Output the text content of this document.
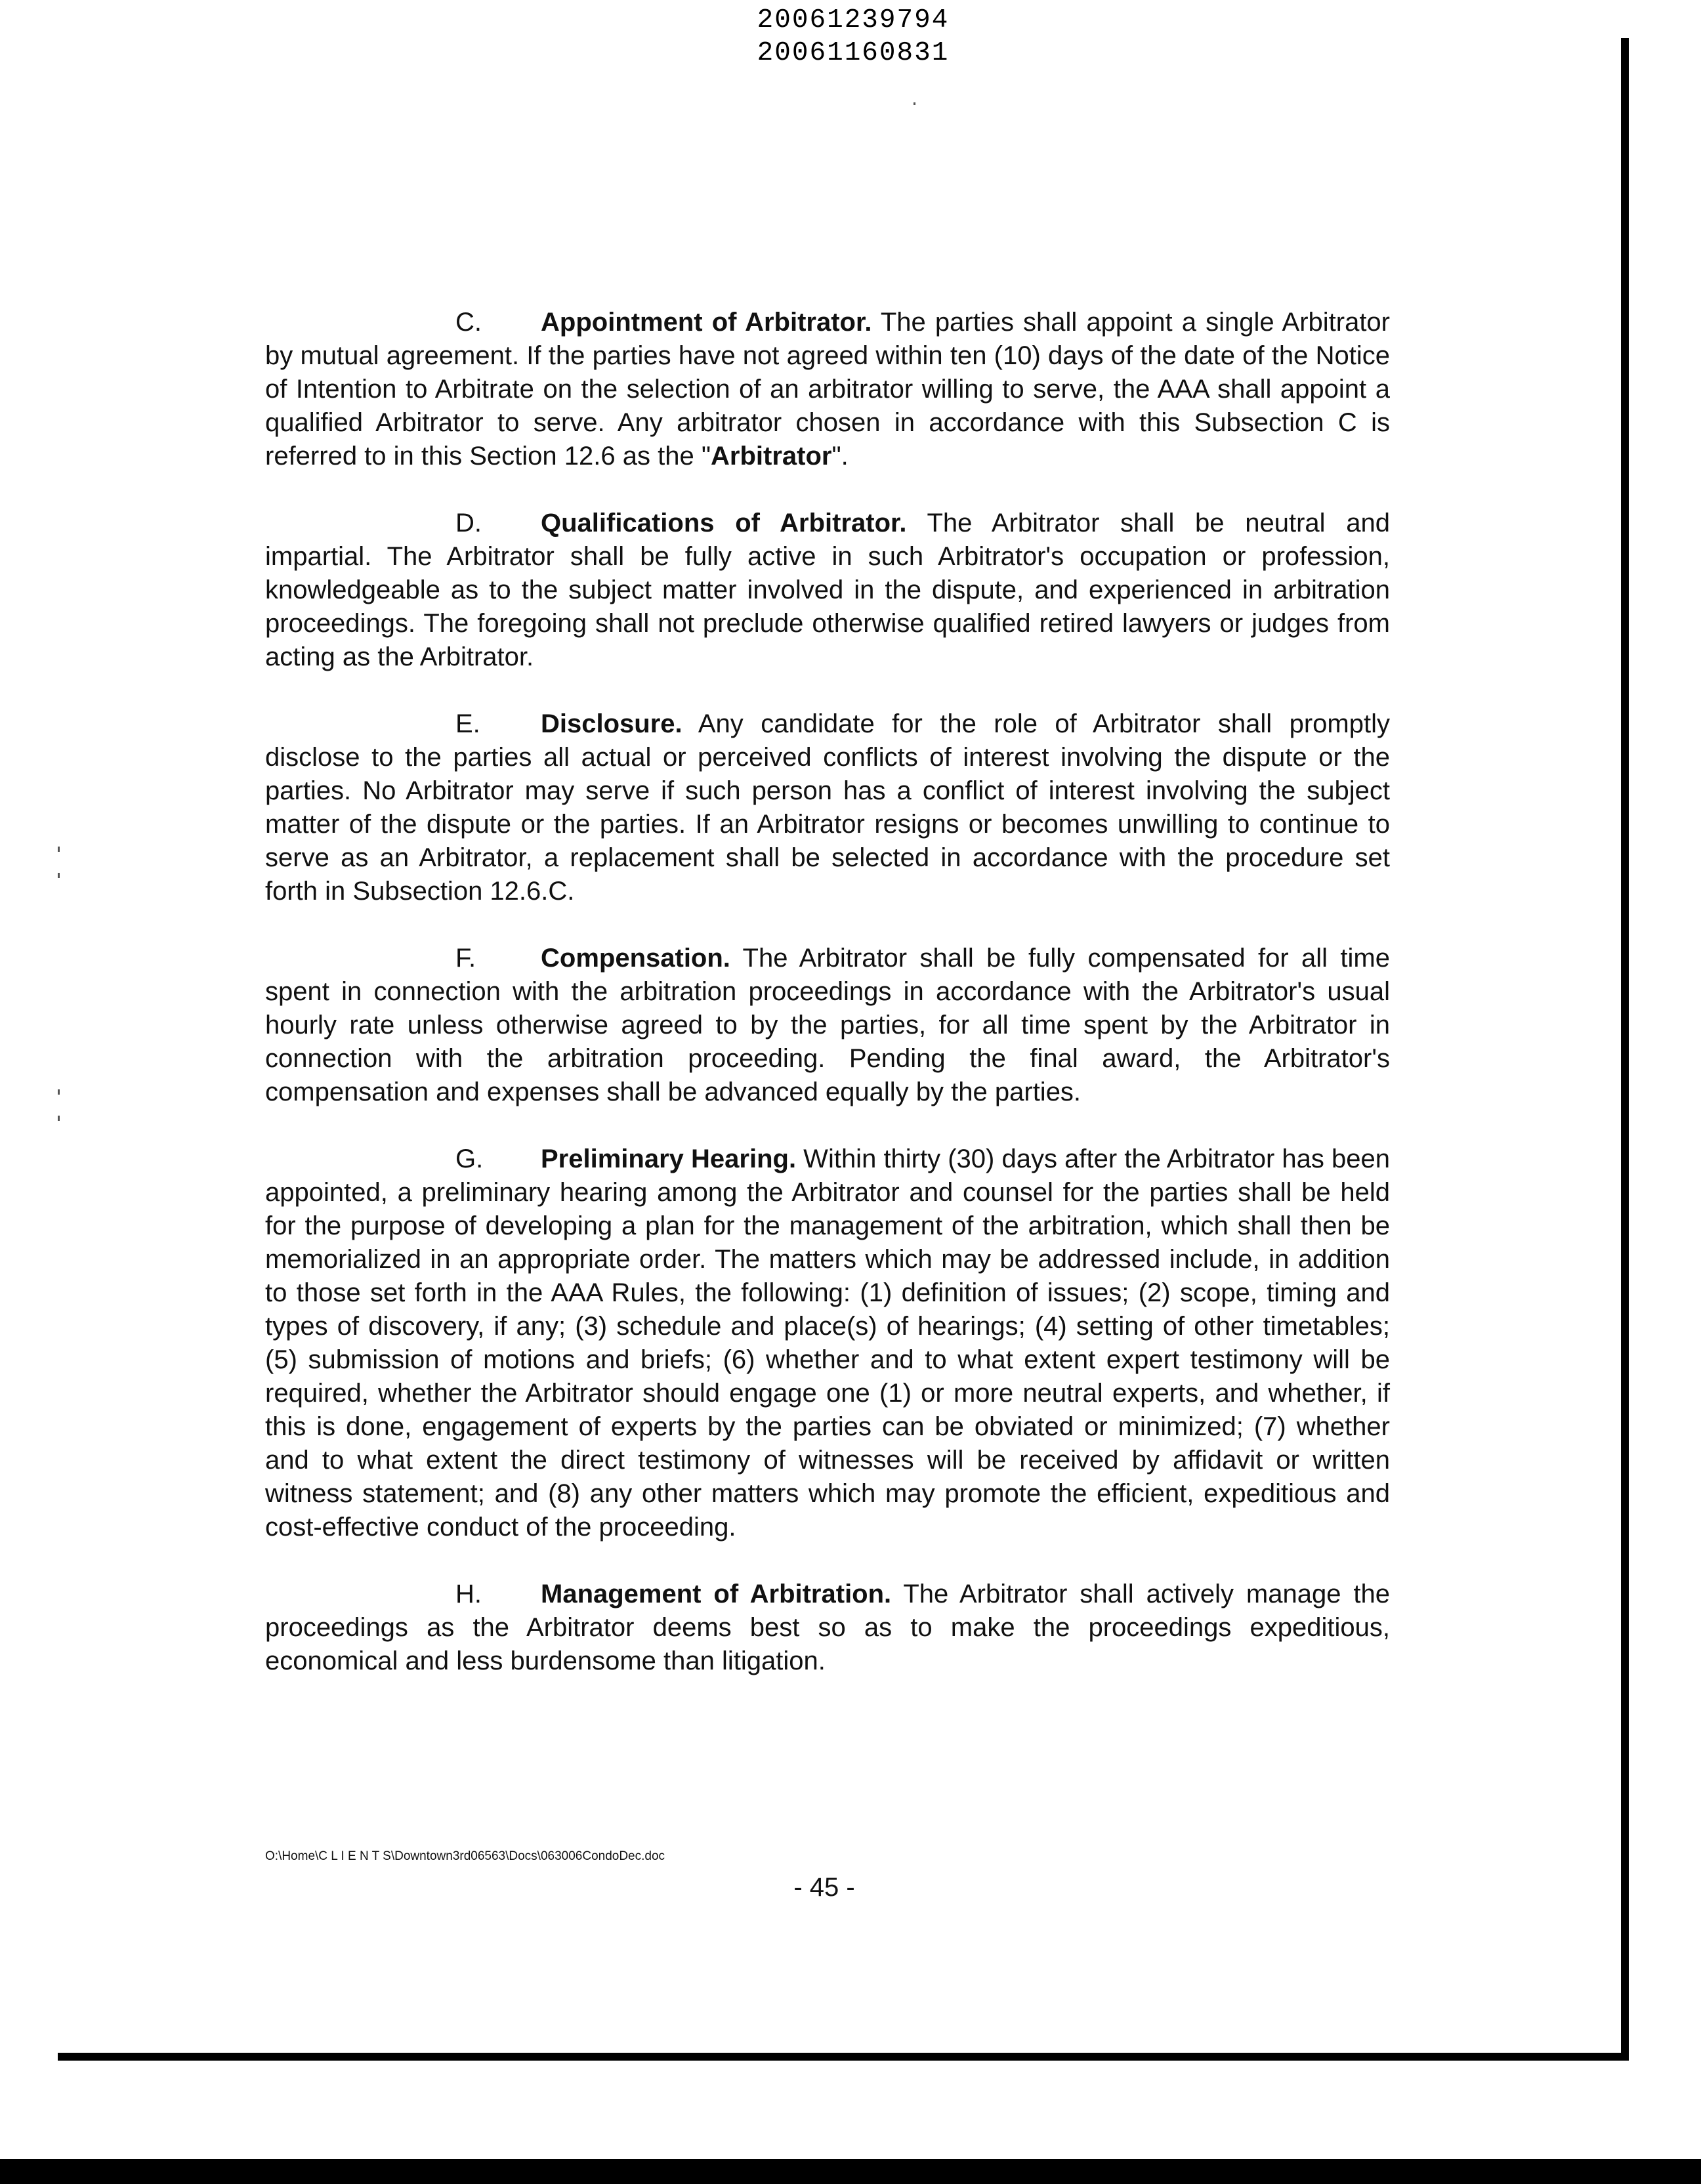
20061239794
20061160831

C. Appointment of Arbitrator. The parties shall appoint a single Arbitrator by mutual agreement. If the parties have not agreed within ten (10) days of the date of the Notice of Intention to Arbitrate on the selection of an arbitrator willing to serve, the AAA shall appoint a qualified Arbitrator to serve. Any arbitrator chosen in accordance with this Subsection C is referred to in this Section 12.6 as the "Arbitrator".

D. Qualifications of Arbitrator. The Arbitrator shall be neutral and impartial. The Arbitrator shall be fully active in such Arbitrator's occupation or profession, knowledgeable as to the subject matter involved in the dispute, and experienced in arbitration proceedings. The foregoing shall not preclude otherwise qualified retired lawyers or judges from acting as the Arbitrator.

E. Disclosure. Any candidate for the role of Arbitrator shall promptly disclose to the parties all actual or perceived conflicts of interest involving the dispute or the parties. No Arbitrator may serve if such person has a conflict of interest involving the subject matter of the dispute or the parties. If an Arbitrator resigns or becomes unwilling to continue to serve as an Arbitrator, a replacement shall be selected in accordance with the procedure set forth in Subsection 12.6.C.

F. Compensation. The Arbitrator shall be fully compensated for all time spent in connection with the arbitration proceedings in accordance with the Arbitrator's usual hourly rate unless otherwise agreed to by the parties, for all time spent by the Arbitrator in connection with the arbitration proceeding. Pending the final award, the Arbitrator's compensation and expenses shall be advanced equally by the parties.

G. Preliminary Hearing. Within thirty (30) days after the Arbitrator has been appointed, a preliminary hearing among the Arbitrator and counsel for the parties shall be held for the purpose of developing a plan for the management of the arbitration, which shall then be memorialized in an appropriate order. The matters which may be addressed include, in addition to those set forth in the AAA Rules, the following: (1) definition of issues; (2) scope, timing and types of discovery, if any; (3) schedule and place(s) of hearings; (4) setting of other timetables; (5) submission of motions and briefs; (6) whether and to what extent expert testimony will be required, whether the Arbitrator should engage one (1) or more neutral experts, and whether, if this is done, engagement of experts by the parties can be obviated or minimized; (7) whether and to what extent the direct testimony of witnesses will be received by affidavit or written witness statement; and (8) any other matters which may promote the efficient, expeditious and cost-effective conduct of the proceeding.

H. Management of Arbitration. The Arbitrator shall actively manage the proceedings as the Arbitrator deems best so as to make the proceedings expeditious, economical and less burdensome than litigation.

O:\Home\C L I E N T S\Downtown3rd06563\Docs\063006CondoDec.doc
- 45 -
